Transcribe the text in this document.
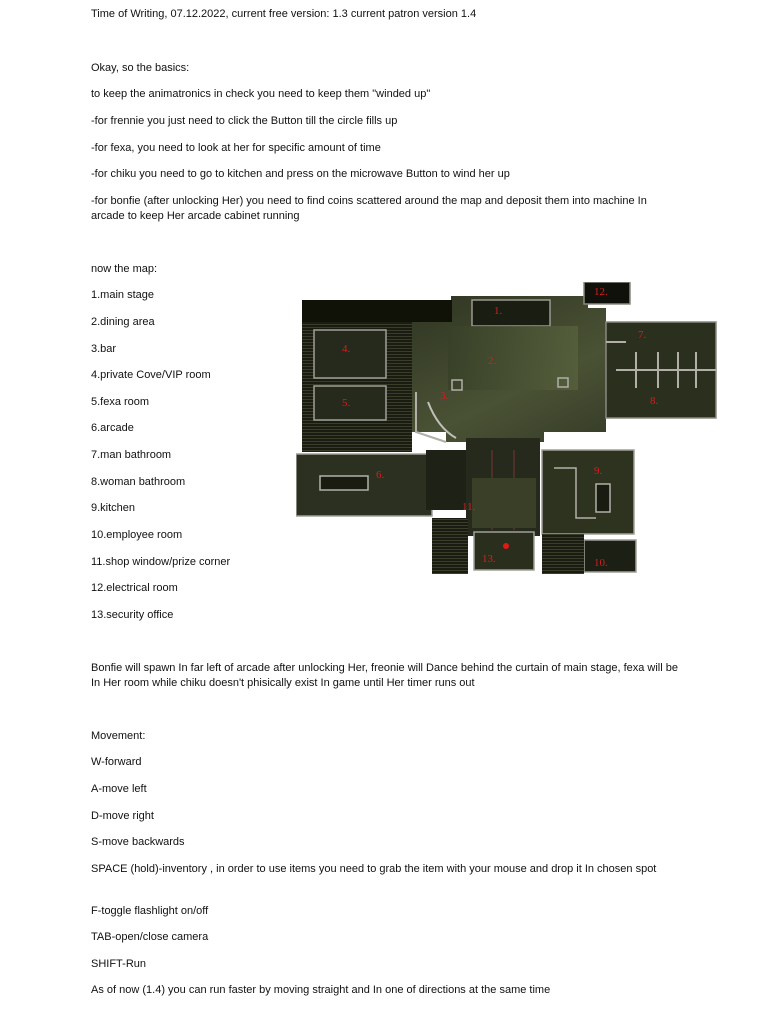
Time of Writing, 07.12.2022, current free version: 1.3 current patron version 1.4
Okay, so the basics:
to keep the animatronics in check you need to keep them "winded up"
-for frennie you just need to click the Button till the circle fills up
-for fexa, you need to look at her for specific amount of time
-for chiku you need to go to kitchen and press on the microwave Button to wind her up
-for bonfie (after unlocking Her) you need to find coins scattered around the map and deposit them into machine In arcade to keep Her arcade cabinet running
now the map:
1.main stage
2.dining area
3.bar
4.private Cove/VIP room
5.fexa room
6.arcade
7.man bathroom
8.woman bathroom
9.kitchen
10.employee room
11.shop window/prize corner
12.electrical room
13.security office
1.
2.
3.
4.
5.
6.
7.
8.
9.
10.
11.
12.
13.
Bonfie will spawn In far left of arcade after unlocking Her, freonie will Dance behind the curtain of main stage, fexa will be In Her room while chiku doesn't phisically exist In game until Her timer runs out
Movement:
W-forward
A-move left
D-move right
S-move backwards
SPACE (hold)-inventory , in order to use items you need to grab the item with your mouse and drop it In chosen spot
F-toggle flashlight on/off
TAB-open/close camera
SHIFT-Run
As of now (1.4) you can run faster by moving straight and In one of directions at the same time
